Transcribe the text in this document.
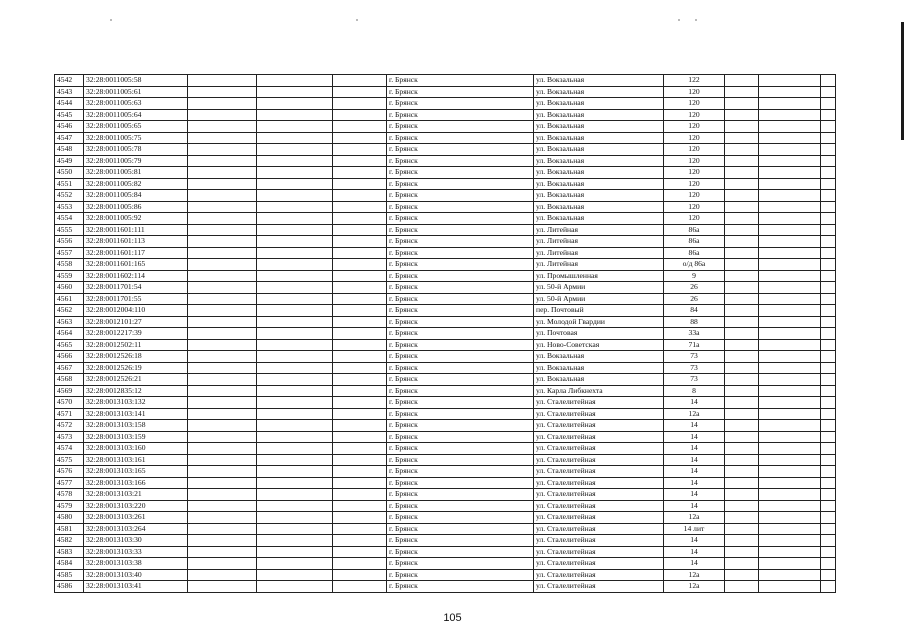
4542	32:28:0011005:58				г. Брянск	ул. Вокзальная	122			
4543	32:28:0011005:61				г. Брянск	ул. Вокзальная	120			
4544	32:28:0011005:63				г. Брянск	ул. Вокзальная	120			
4545	32:28:0011005:64				г. Брянск	ул. Вокзальная	120			
4546	32:28:0011005:65				г. Брянск	ул. Вокзальная	120			
4547	32:28:0011005:75				г. Брянск	ул. Вокзальная	120			
4548	32:28:0011005:78				г. Брянск	ул. Вокзальная	120			
4549	32:28:0011005:79				г. Брянск	ул. Вокзальная	120			
4550	32:28:0011005:81				г. Брянск	ул. Вокзальная	120			
4551	32:28:0011005:82				г. Брянск	ул. Вокзальная	120			
4552	32:28:0011005:84				г. Брянск	ул. Вокзальная	120			
4553	32:28:0011005:86				г. Брянск	ул. Вокзальная	120			
4554	32:28:0011005:92				г. Брянск	ул. Вокзальная	120			
4555	32:28:0011601:111				г. Брянск	ул. Литейная	86а			
4556	32:28:0011601:113				г. Брянск	ул. Литейная	86а			
4557	32:28:0011601:117				г. Брянск	ул. Литейная	86а			
4558	32:28:0011601:165				г. Брянск	ул. Литейная	о/д 86а			
4559	32:28:0011602:114				г. Брянск	ул. Промышленная	9			
4560	32:28:0011701:54				г. Брянск	ул. 50-й Армии	26			
4561	32:28:0011701:55				г. Брянск	ул. 50-й Армии	26			
4562	32:28:0012004:110				г. Брянск	пер. Почтовый	84			
4563	32:28:0012101:27				г. Брянск	ул. Молодой Гвардии	88			
4564	32:28:0012217:39				г. Брянск	ул. Почтовая	33а			
4565	32:28:0012502:11				г. Брянск	ул. Ново-Советская	71а			
4566	32:28:0012526:18				г. Брянск	ул. Вокзальная	73			
4567	32:28:0012526:19				г. Брянск	ул. Вокзальная	73			
4568	32:28:0012526:21				г. Брянск	ул. Вокзальная	73			
4569	32:28:0012835:12				г. Брянск	ул. Карла Либкнехта	8			
4570	32:28:0013103:132				г. Брянск	ул. Сталелитейная	14			
4571	32:28:0013103:141				г. Брянск	ул. Сталелитейная	12а			
4572	32:28:0013103:158				г. Брянск	ул. Сталелитейная	14			
4573	32:28:0013103:159				г. Брянск	ул. Сталелитейная	14			
4574	32:28:0013103:160				г. Брянск	ул. Сталелитейная	14			
4575	32:28:0013103:161				г. Брянск	ул. Сталелитейная	14			
4576	32:28:0013103:165				г. Брянск	ул. Сталелитейная	14			
4577	32:28:0013103:166				г. Брянск	ул. Сталелитейная	14			
4578	32:28:0013103:21				г. Брянск	ул. Сталелитейная	14			
4579	32:28:0013103:220				г. Брянск	ул. Сталелитейная	14			
4580	32:28:0013103:261				г. Брянск	ул. Сталелитейная	12а			
4581	32:28:0013103:264				г. Брянск	ул. Сталелитейная	14 лит			
4582	32:28:0013103:30				г. Брянск	ул. Сталелитейная	14			
4583	32:28:0013103:33				г. Брянск	ул. Сталелитейная	14			
4584	32:28:0013103:38				г. Брянск	ул. Сталелитейная	14			
4585	32:28:0013103:40				г. Брянск	ул. Сталелитейная	12а			
4586	32:28:0013103:41				г. Брянск	ул. Сталелитейная	12а			
105
